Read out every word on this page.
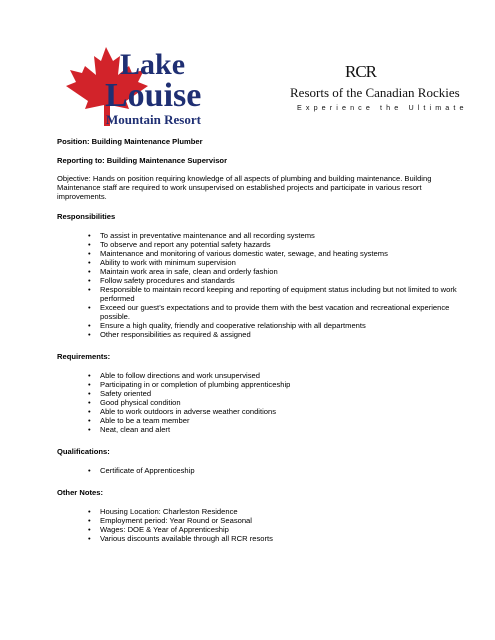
Lake
Louise
Mountain Resort
RCR
Resorts of the Canadian Rockies
Experience the Ultimate

Position: Building Maintenance Plumber

Reporting to: Building Maintenance Supervisor

Objective: Hands on position requiring knowledge of all aspects of plumbing and building maintenance. Building Maintenance staff are required to work unsupervised on established projects and participate in various resort improvements.

Responsibilities

• To assist in preventative maintenance and all recording systems
• To observe and report any potential safety hazards
• Maintenance and monitoring of various domestic water, sewage, and heating systems
• Ability to work with minimum supervision
• Maintain work area in safe, clean and orderly fashion
• Follow safety procedures and standards
• Responsible to maintain record keeping and reporting of equipment status including but not limited to work performed
• Exceed our guest’s expectations and to provide them with the best vacation and recreational experience possible.
• Ensure a high quality, friendly and cooperative relationship with all departments
• Other responsibilities as required & assigned

Requirements:

• Able to follow directions and work unsupervised
• Participating in or completion of plumbing apprenticeship
• Safety oriented
• Good physical condition
• Able to work outdoors in adverse weather conditions
• Able to be a team member
• Neat, clean and alert

Qualifications:

• Certificate of Apprenticeship

Other Notes:

• Housing Location: Charleston Residence
• Employment period: Year Round or Seasonal
• Wages: DOE & Year of Apprenticeship
• Various discounts available through all RCR resorts
